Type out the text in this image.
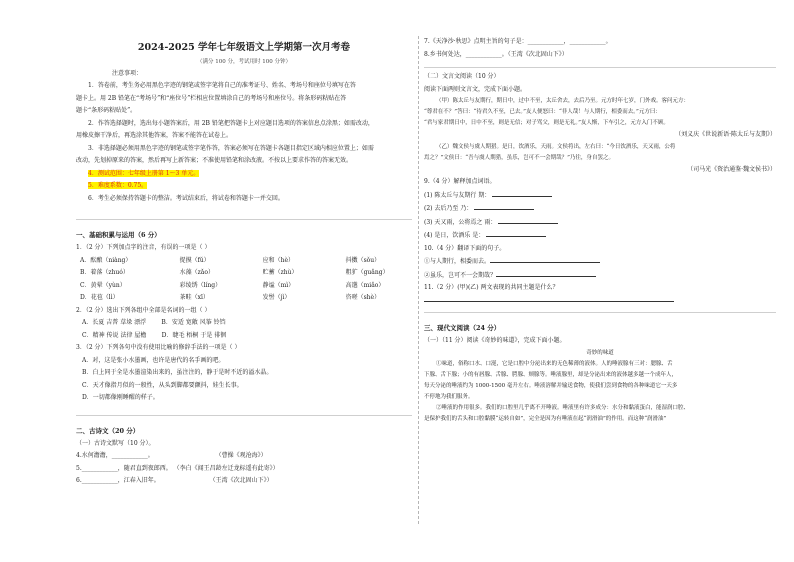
2024-2025 学年七年级语文上学期第一次月考卷
（满分 100 分，考试用时 100 分钟）
注意事项：
1．答卷前，考生务必用黑色字迹的钢笔或签字笔将自己的准考证号、姓名、考场号和座位号填写在答
题卡上。用 2B 铅笔在“考场号”和“座位号”栏相应位置填涂自己的考场号和座位号。将条形码粘贴在答
题卡“条形码粘贴处”。
2．作答选择题时，选出每小题答案后，用 2B 铅笔把答题卡上对应题目选项的答案信息点涂黑；如需改动，
用橡皮擦干净后，再选涂其他答案，答案不能答在试卷上。
3．非选择题必须用黑色字迹的钢笔或签字笔作答，答案必须写在答题卡各题目指定区域内相应位置上；如需
改动，先划掉原来的答案，然后再写上新答案；不准使用铅笔和涂改液。不按以上要求作答的答案无效。
4．测试范围：七年级上册第 1～3 单元。
5．难度系数：0.75。
6．考生必须保持答题卡的整洁。考试结束后，将试卷和答题卡一并交回。
一、基础积累与运用（6 分）
1．（2 分）下列加点字的注音，有误的一项是（ ）
A．酝酿（niàng）	捉摸（fǔ）	应和（hè）	抖擞（sǒu）
B．着落（zhuó）	水藻（zǎo）	贮蓄（zhù）	粗犷（guǎng）
C．黄晕（yùn）	彩绫绣（líng）	静谧（mì）	高邈（miǎo）
D．花苞（lì）	茶畦（xī）	发髻（jì）	咨嗟（shè）
2．（2 分）选出下列各组中全部是名词的一组（ ）
A．长夏 吉普 草垛 漂浮	B．安适 宽敞 风筝 铃铛
C．精神 传说 法律 屋檐	D．睫毛 梧桐 于是 徘徊
3．（2 分）下列各句中没有使用比喻的修辞手法的一项是（ ）
A．对，这是张小水墨画，也许是唐代的名手画的吧。
B．白上同于全是水墨渲染出来的，虽注注的，静于是时不近的溢水晶。
C．天才像指月似的一般性，从头到脚都要颤抖，娃生长事。
D．一切都像刚睡醒的样子。
二、古诗文（20 分）
（一）古诗文默写（10 分）。
4.水何澹澹，____________。	（曹操《观沧海》）
5.____________，随君直到夜郎西。 （李白《闻王昌龄左迁龙标遥有此寄》）
6.____________，江春入旧年。	（王湾《次北固山下》）
7.《天净沙·秋思》点明主旨的句子是：____________，____________。
8.乡书何处达，____________。（王湾《次北固山下》）
（二）文言文阅读（10 分）
阅读下面两则文言文，完成下面小题。
（甲）陈太丘与友期行，期日中，过中不至，太丘舍去，去后乃至。元方时年七岁，门外戏。客问元方：
“尊君在不？”答曰：“待君久不至，已去。”友人便怒曰：“非人哉！与人期行，相委而去。”元方曰：
“君与家君期日中，日中不至，则是无信；对子骂父，则是无礼。”友人惭，下车引之，元方入门不顾。
（刘义庆《世说新语·陈太丘与友期》）
（乙）魏文侯与虞人期猎。是日，饮酒乐，天雨。文侯将出，左右曰：“今日饮酒乐，天又雨，公将
焉之？”文侯曰：“吾与虞人期猎，虽乐，岂可不一会期哉？”乃往，身自罢之。
（司马光《资治通鉴·魏文侯书》）
9.（4 分）解释加点词语。
(1) 陈太丘与友期行 期：
(2) 去后乃至 乃：
(3) 天又雨，公将焉之 雨：
(4) 是日，饮酒乐 是：
10.（4 分）翻译下面的句子。
①与人期行，相委而去。
②虽乐，岂可不一会期哉？
11.（2 分）(甲)(乙) 两文表现的共同主题是什么？
三、现代文阅读（24 分）
（一）（11 分）阅读《奇妙的味道》，完成下面小题。
奇妙的味道
①味道，俗称口水、口涎，它是口腔中分泌出来的无色稀薄的液体。人的唾液腺有三对：腮腺、舌
下腺、舌下腺；小的有唇腺、舌腺、腭腺、颊腺等。唾液腺里，却是分泌出来的液体越多越一个成年人，
每天分泌的唾液约为 1000-1500 毫升左右。唾液溶解并输送食物，使我们尝到食物的各种味道它一天多
不停地为我们服务。
②唾液的作用很多。我们的口腔里几乎离不开唾液。唾液里有许多成分：水分和黏液蛋白，能湿润口腔、
是保护我们的舌头和口腔黏膜“运转自如”，完全是因为有唾液在起“润滑油”的作用。而这种“润滑油”
